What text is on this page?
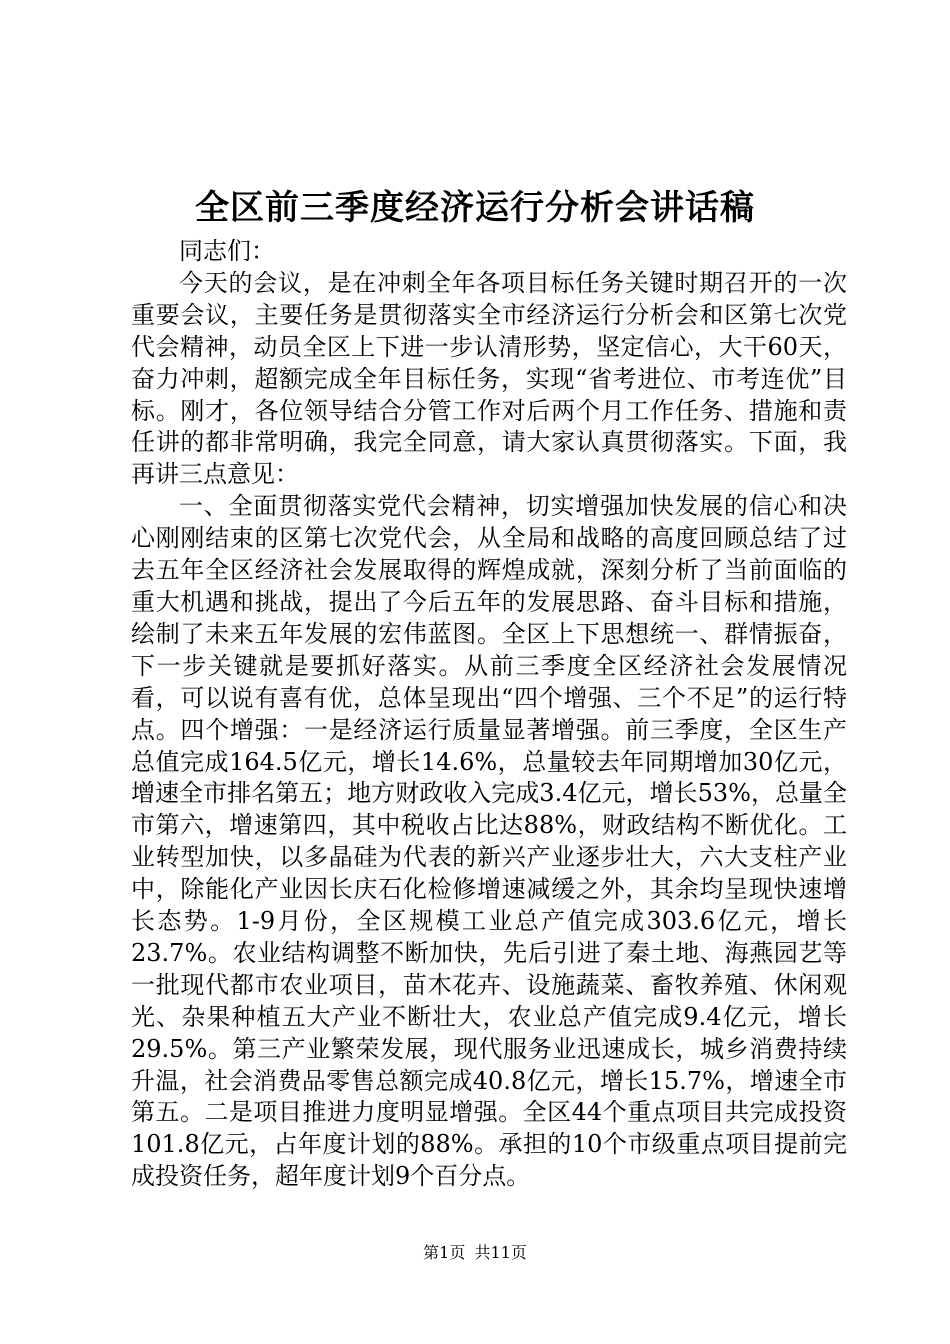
全区前三季度经济运行分析会讲话稿

同志们：

今天的会议，是在冲刺全年各项目标任务关键时期召开的一次重要会议，主要任务是贯彻落实全市经济运行分析会和区第七次党代会精神，动员全区上下进一步认清形势，坚定信心，大干60天，奋力冲刺，超额完成全年目标任务，实现“省考进位、市考连优”目标。刚才，各位领导结合分管工作对后两个月工作任务、措施和责任讲的都非常明确，我完全同意，请大家认真贯彻落实。下面，我再讲三点意见：

一、全面贯彻落实党代会精神，切实增强加快发展的信心和决心刚刚结束的区第七次党代会，从全局和战略的高度回顾总结了过去五年全区经济社会发展取得的辉煌成就，深刻分析了当前面临的重大机遇和挑战，提出了今后五年的发展思路、奋斗目标和措施，绘制了未来五年发展的宏伟蓝图。全区上下思想统一、群情振奋，下一步关键就是要抓好落实。从前三季度全区经济社会发展情况看，可以说有喜有优，总体呈现出“四个增强、三个不足”的运行特点。四个增强：一是经济运行质量显著增强。前三季度，全区生产总值完成164.5亿元，增长14.6%，总量较去年同期增加30亿元，增速全市排名第五；地方财政收入完成3.4亿元，增长53%，总量全市第六，增速第四，其中税收占比达88%，财政结构不断优化。工业转型加快，以多晶硅为代表的新兴产业逐步壮大，六大支柱产业中，除能化产业因长庆石化检修增速减缓之外，其余均呈现快速增长态势。1-9月份，全区规模工业总产值完成303.6亿元，增长23.7%。农业结构调整不断加快，先后引进了秦土地、海燕园艺等一批现代都市农业项目，苗木花卉、设施蔬菜、畜牧养殖、休闲观光、杂果种植五大产业不断壮大，农业总产值完成9.4亿元，增长29.5%。第三产业繁荣发展，现代服务业迅速成长，城乡消费持续升温，社会消费品零售总额完成40.8亿元，增长15.7%，增速全市第五。二是项目推进力度明显增强。全区44个重点项目共完成投资101.8亿元，占年度计划的88%。承担的10个市级重点项目提前完成投资任务，超年度计划9个百分点。

第1页 共11页
